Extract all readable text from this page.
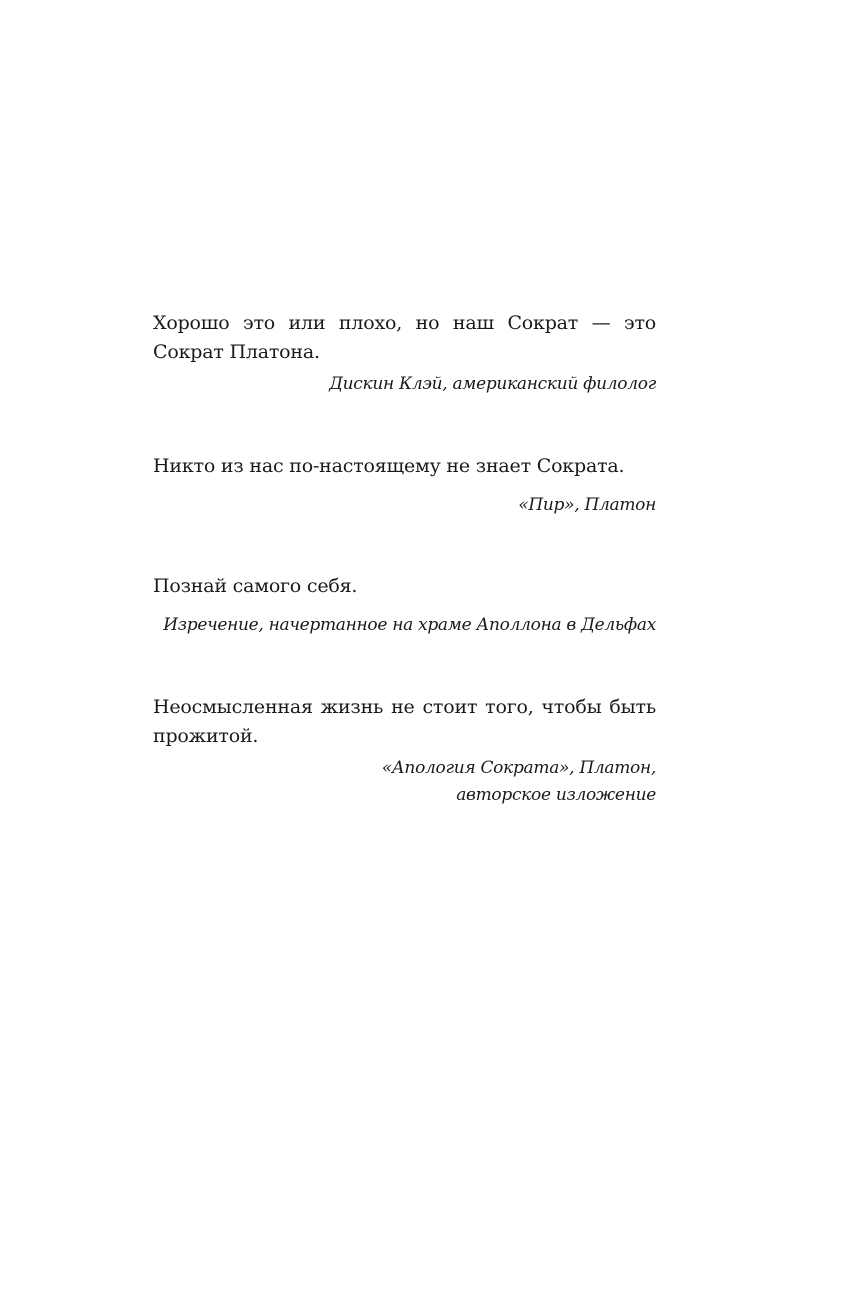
Хорошо это или плохо, но наш Сократ — это Сократ Платона.

Дискин Клэй, американский филолог

Никто из нас по-настоящему не знает Сократа.

«Пир», Платон

Познай самого себя.

Изречение, начертанное на храме Аполлона в Дельфах

Неосмысленная жизнь не стоит того, чтобы быть прожитой.

«Апология Сократа», Платон,
авторское изложение
